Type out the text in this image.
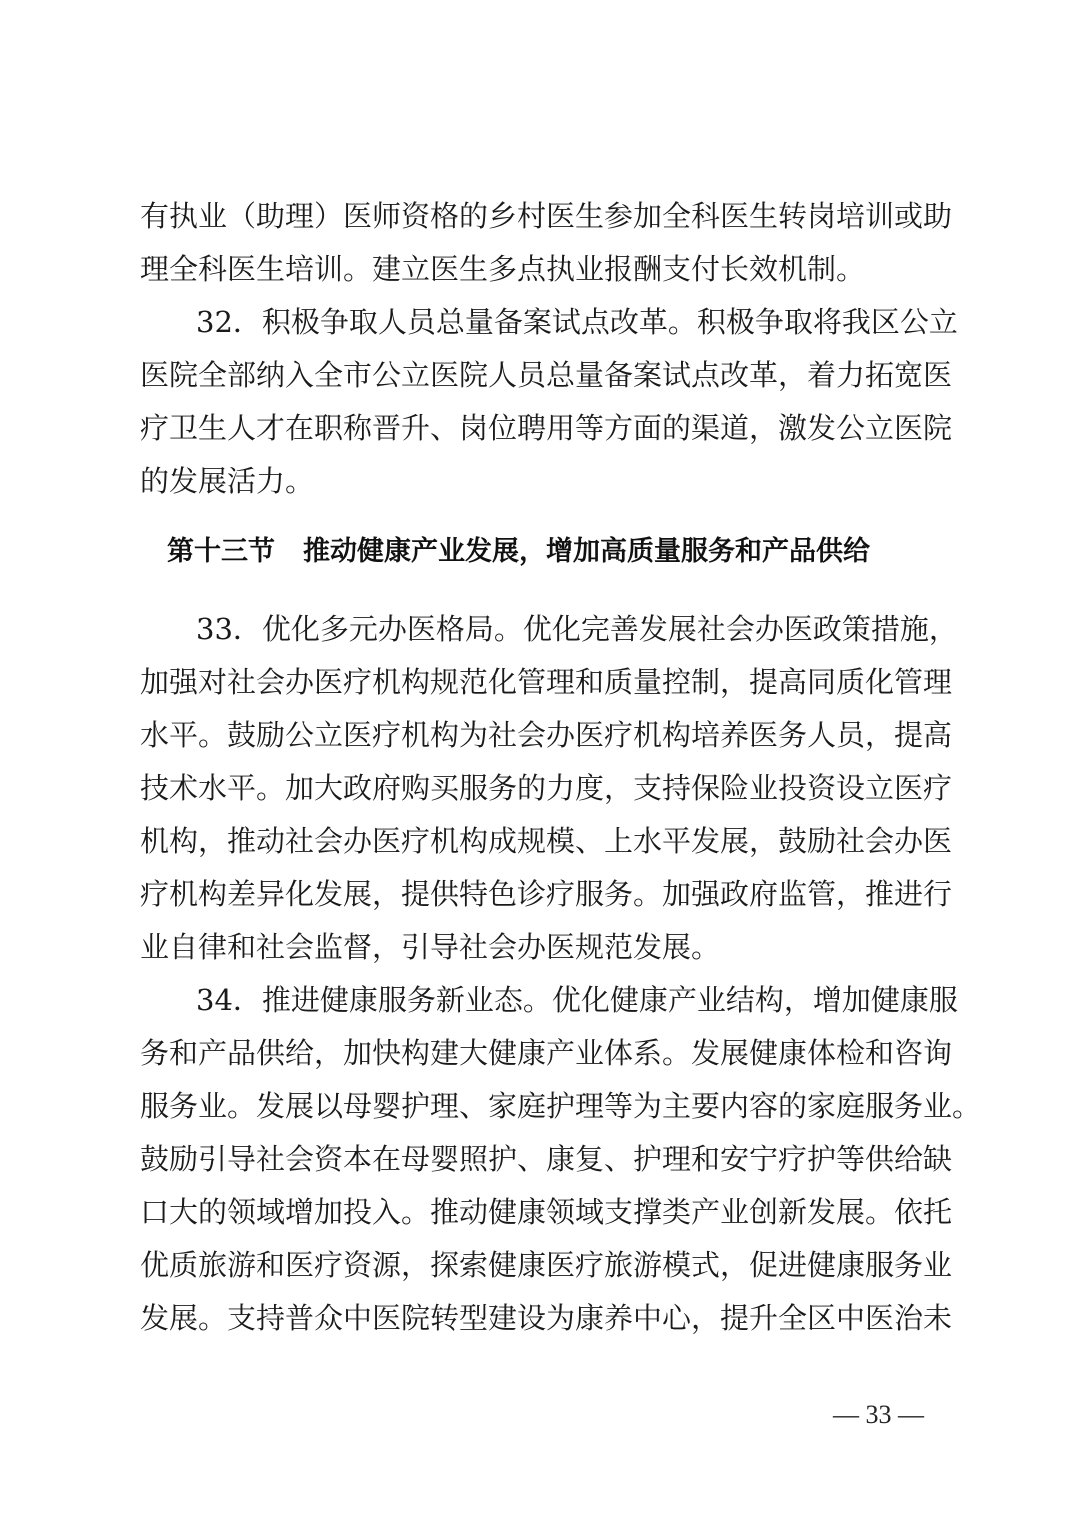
有执业（助理）医师资格的乡村医生参加全科医生转岗培训或助
理全科医生培训。建立医生多点执业报酬支付长效机制。
32．积极争取人员总量备案试点改革。积极争取将我区公立
医院全部纳入全市公立医院人员总量备案试点改革，着力拓宽医
疗卫生人才在职称晋升、岗位聘用等方面的渠道，激发公立医院
的发展活力。
第十三节 推动健康产业发展，增加高质量服务和产品供给
33．优化多元办医格局。优化完善发展社会办医政策措施，
加强对社会办医疗机构规范化管理和质量控制，提高同质化管理
水平。鼓励公立医疗机构为社会办医疗机构培养医务人员，提高
技术水平。加大政府购买服务的力度，支持保险业投资设立医疗
机构，推动社会办医疗机构成规模、上水平发展，鼓励社会办医
疗机构差异化发展，提供特色诊疗服务。加强政府监管，推进行
业自律和社会监督，引导社会办医规范发展。
34．推进健康服务新业态。优化健康产业结构，增加健康服
务和产品供给，加快构建大健康产业体系。发展健康体检和咨询
服务业。发展以母婴护理、家庭护理等为主要内容的家庭服务业。
鼓励引导社会资本在母婴照护、康复、护理和安宁疗护等供给缺
口大的领域增加投入。推动健康领域支撑类产业创新发展。依托
优质旅游和医疗资源，探索健康医疗旅游模式，促进健康服务业
发展。支持普众中医院转型建设为康养中心，提升全区中医治未
— 33 —
